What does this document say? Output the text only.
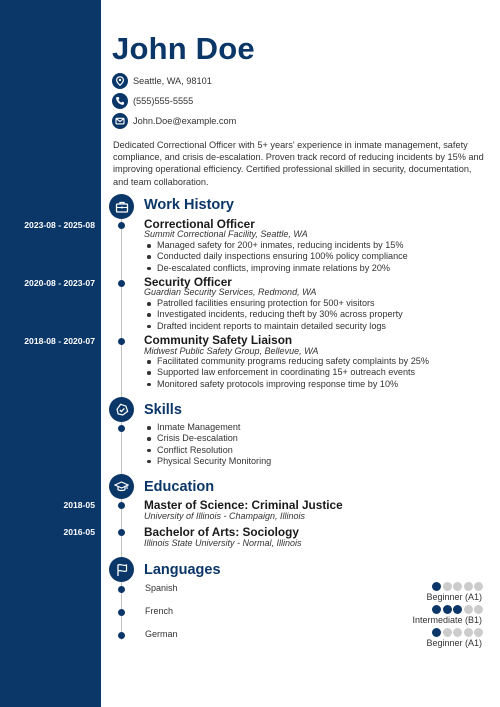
2023-08 - 2025-08
2020-08 - 2023-07
2018-08 - 2020-07
2018-05
2016-05
John Doe
Seattle, WA, 98101
(555)555-5555
John.Doe@example.com
Dedicated Correctional Officer with 5+ years' experience in inmate management, safety compliance, and crisis de-escalation. Proven track record of reducing incidents by 15% and improving operational efficiency. Certified professional skilled in security, documentation, and team collaboration.
Work History
Correctional Officer
Summit Correctional Facility, Seattle, WA
Managed safety for 200+ inmates, reducing incidents by 15%
Conducted daily inspections ensuring 100% policy compliance
De-escalated conflicts, improving inmate relations by 20%
Security Officer
Guardian Security Services, Redmond, WA
Patrolled facilities ensuring protection for 500+ visitors
Investigated incidents, reducing theft by 30% across property
Drafted incident reports to maintain detailed security logs
Community Safety Liaison
Midwest Public Safety Group, Bellevue, WA
Facilitated community programs reducing safety complaints by 25%
Supported law enforcement in coordinating 15+ outreach events
Monitored safety protocols improving response time by 10%
Skills
Inmate Management
Crisis De-escalation
Conflict Resolution
Physical Security Monitoring
Education
Master of Science: Criminal Justice
University of Illinois - Champaign, Illinois
Bachelor of Arts: Sociology
Illinois State University - Normal, Illinois
Languages
Spanish
Beginner (A1)
French
Intermediate (B1)
German
Beginner (A1)
